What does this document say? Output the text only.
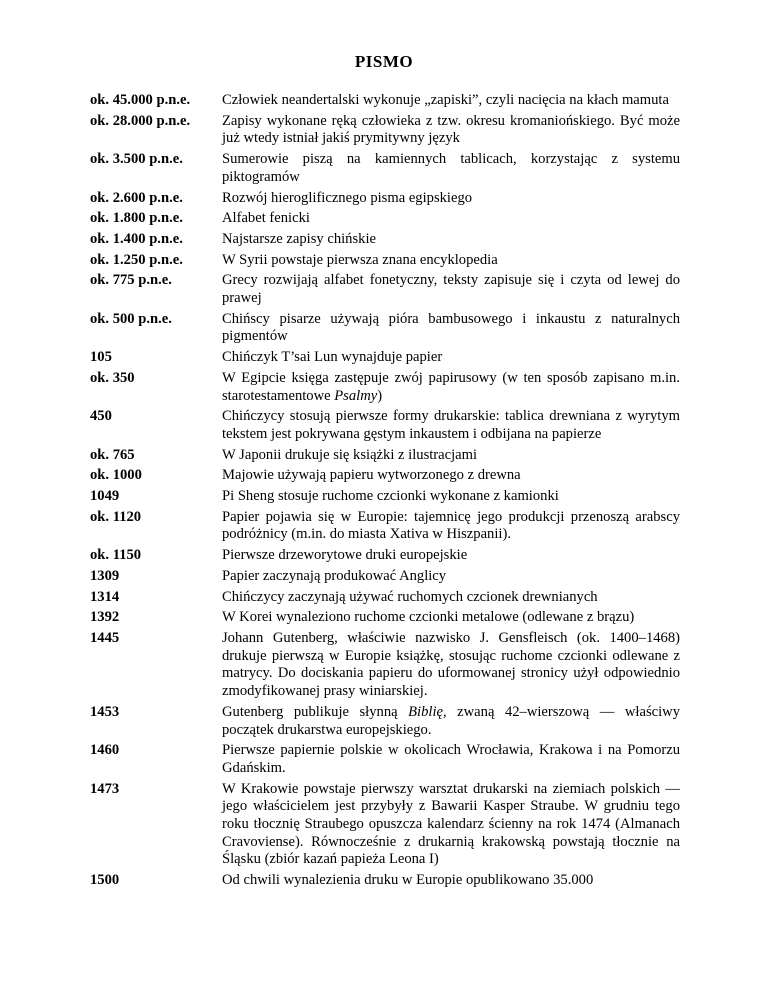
PISMO
ok. 45.000 p.n.e.	Człowiek neandertalski wykonuje „zapiski”, czyli nacięcia na kłach mamuta
ok. 28.000 p.n.e.	Zapisy wykonane ręką człowieka z tzw. okresu kromaniońskiego. Być może już wtedy istniał jakiś prymitywny język
ok. 3.500 p.n.e.	Sumerowie piszą na kamiennych tablicach, korzystając z systemu piktogramów
ok. 2.600 p.n.e.	Rozwój hieroglificznego pisma egipskiego
ok. 1.800 p.n.e.	Alfabet fenicki
ok. 1.400 p.n.e.	Najstarsze zapisy chińskie
ok. 1.250 p.n.e.	W Syrii powstaje pierwsza znana encyklopedia
ok. 775 p.n.e.	Grecy rozwijają alfabet fonetyczny, teksty zapisuje się i czyta od lewej do prawej
ok. 500 p.n.e.	Chińscy pisarze używają pióra bambusowego i inkaustu z naturalnych pigmentów
105	Chińczyk T’sai Lun wynajduje papier
ok. 350	W Egipcie księga zastępuje zwój papirusowy (w ten sposób zapisano m.in. starotestamentowe Psalmy)
450	Chińczycy stosują pierwsze formy drukarskie: tablica drewniana z wyrytym tekstem jest pokrywana gęstym inkaustem i odbijana na papierze
ok. 765	W Japonii drukuje się książki z ilustracjami
ok. 1000	Majowie używają papieru wytworzonego z drewna
1049	Pi Sheng stosuje ruchome czcionki wykonane z kamionki
ok. 1120	Papier pojawia się w Europie: tajemnicę jego produkcji przenoszą arabscy podróżnicy (m.in. do miasta Xativa w Hiszpanii).
ok. 1150	Pierwsze drzeworytowe druki europejskie
1309	Papier zaczynają produkować Anglicy
1314	Chińczycy zaczynają używać ruchomych czcionek drewnianych
1392	W Korei wynaleziono ruchome czcionki metalowe (odlewane z brązu)
1445	Johann Gutenberg, właściwie nazwisko J. Gensfleisch (ok. 1400–1468) drukuje pierwszą w Europie książkę, stosując ruchome czcionki odlewane z matrycy. Do dociskania papieru do uformowanej stronicy użył odpowiednio zmodyfikowanej prasy winiarskiej.
1453	Gutenberg publikuje słynną Biblię, zwaną 42–wierszową — właściwy początek drukarstwa europejskiego.
1460	Pierwsze papiernie polskie w okolicach Wrocławia, Krakowa i na Pomorzu Gdańskim.
1473	W Krakowie powstaje pierwszy warsztat drukarski na ziemiach polskich — jego właścicielem jest przybyły z Bawarii Kasper Straube. W grudniu tego roku tłocznię Straubego opuszcza kalendarz ścienny na rok 1474 (Almanach Cravoviense). Równocześnie z drukarnią krakowską powstają tłocznie na Śląsku (zbiór kazań papieża Leona I)
1500	Od chwili wynalezienia druku w Europie opublikowano 35.000
